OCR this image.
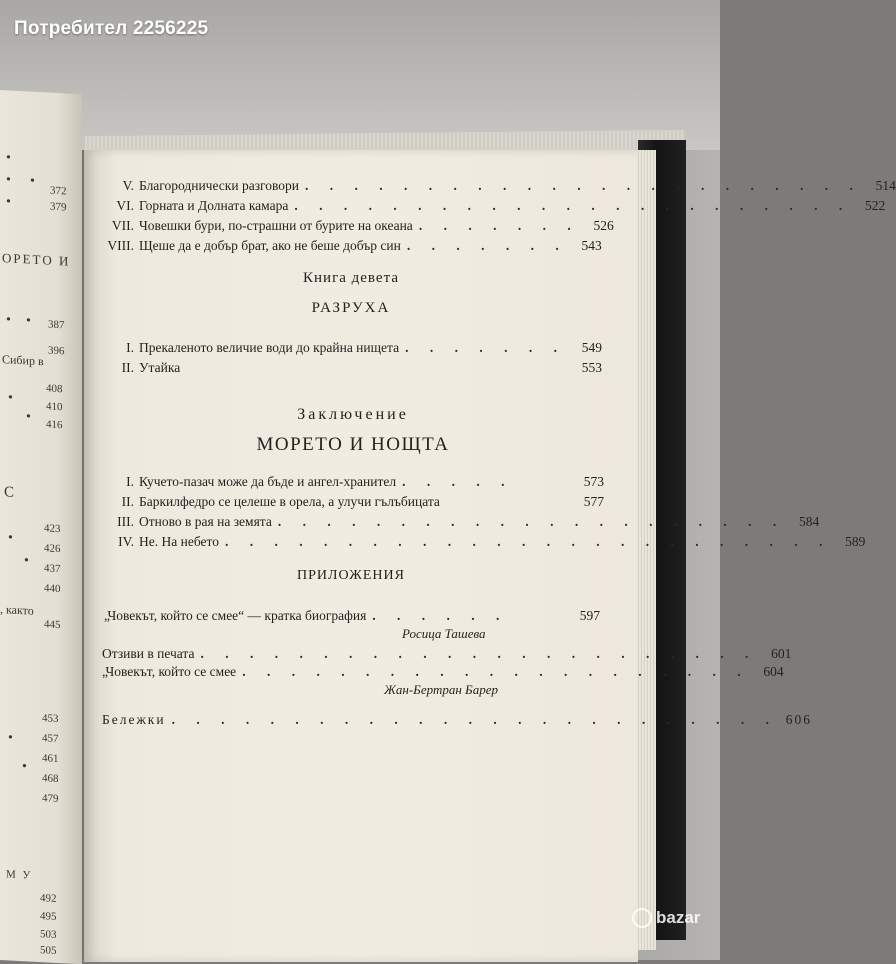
•
•
•
•
372
379
ОРЕТО И
• • 387
396
Сибир в
408
410
416
•
•
С
423
426
437
440
•
•
, както
445
453
457
461
468
479
•
•
М У
492
495
503
505
V. Благороднически разговори . . . . . . . . . . . . . . . . . . . . . . .	514
VI. Горната и Долната камара . . . . . . . . . . . . . . . . . . . . . . .	522
VII. Човешки бури, по-страшни от бурите на океана . . . . . . .	526
VIII. Щеше да е добър брат, ако не беше добър син . . . . . . .	543
Книга девета
РАЗРУХА
I. Прекаленото величие води до крайна нищета . . . . . . .	549
II. Утайка	553
Заключение
МОРЕТО И НОЩТА
I. Кучето-пазач може да бъде и ангел-хранител . . . . .	573
II. Баркилфедро се целеше в орела, а улучи гълъбицата	577
III. Отново в рая на земята . . . . . . . . . . . . . . . . . . . . .	584
IV. Не. На небето . . . . . . . . . . . . . . . . . . . . . . . . .	589
ПРИЛОЖЕНИЯ
„Човекът, който се смее“ — кратка биография . . . . . .	597
Росица Ташева
Отзиви в печата . . . . . . . . . . . . . . . . . . . . . . .	601
„Човекът, който се смее . . . . . . . . . . . . . . . . . . . . .	604
Жан-Бертран Барер
Бележки . . . . . . . . . . . . . . . . . . . . . . . . . 606
Потребител 2256225
bazar
